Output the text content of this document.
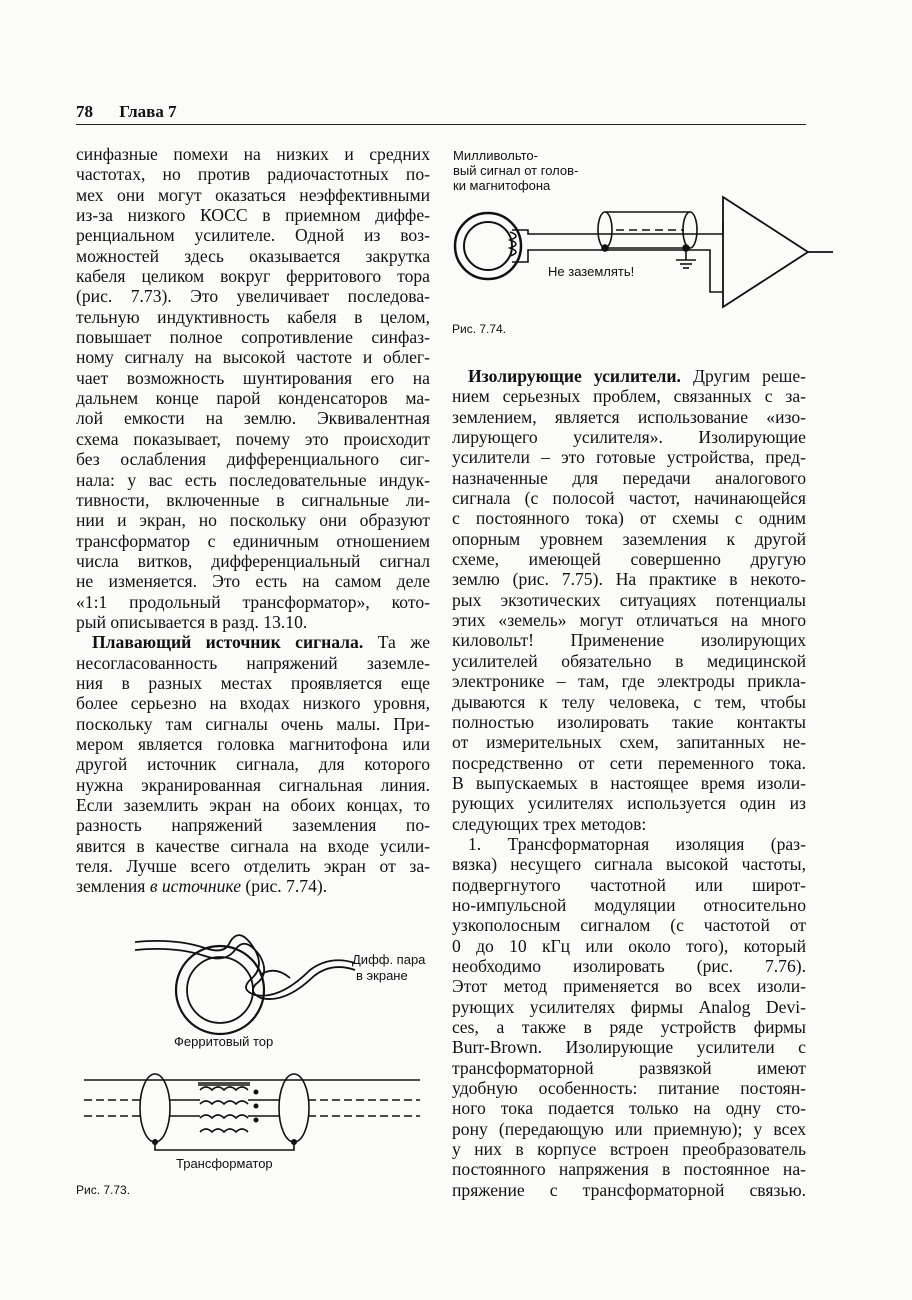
78 Глава 7

синфазные помехи на низких и средних
частотах, но против радиочастотных по-
мех они могут оказаться неэффективными
из-за низкого КОСС в приемном диффе-
ренциальном усилителе. Одной из воз-
можностей здесь оказывается закрутка
кабеля целиком вокруг ферритового тора
(рис. 7.73). Это увеличивает последова-
тельную индуктивность кабеля в целом,
повышает полное сопротивление синфаз-
ному сигналу на высокой частоте и облег-
чает возможность шунтирования его на
дальнем конце парой конденсаторов ма-
лой емкости на землю. Эквивалентная
схема показывает, почему это происходит
без ослабления дифференциального сиг-
нала: у вас есть последовательные индук-
тивности, включенные в сигнальные ли-
нии и экран, но поскольку они образуют
трансформатор с единичным отношением
числа витков, дифференциальный сигнал
не изменяется. Это есть на самом деле
«1:1 продольный трансформатор», кото-
рый описывается в разд. 13.10.

Плавающий источник сигнала. Та же
несогласованность напряжений заземле-
ния в разных местах проявляется еще
более серьезно на входах низкого уровня,
поскольку там сигналы очень малы. При-
мером является головка магнитофона или
другой источник сигнала, для которого
нужна экранированная сигнальная линия.
Если заземлить экран на обоих концах, то
разность напряжений заземления по-
явится в качестве сигнала на входе усили-
теля. Лучше всего отделить экран от за-

земления в источнике (рис. 7.74).

Изолирующие усилители. Другим реше-
нием серьезных проблем, связанных с за-
землением, является использование «изо-
лирующего усилителя». Изолирующие
усилители – это готовые устройства, пред-
назначенные для передачи аналогового
сигнала (с полосой частот, начинающейся
с постоянного тока) от схемы с одним
опорным уровнем заземления к другой
схеме, имеющей совершенно другую
землю (рис. 7.75). На практике в некото-
рых экзотических ситуациях потенциалы
этих «земель» могут отличаться на много
киловольт! Применение изолирующих
усилителей обязательно в медицинской
электронике – там, где электроды прикла-
дываются к телу человека, с тем, чтобы
полностью изолировать такие контакты
от измерительных схем, запитанных не-
посредственно от сети переменного тока.
В выпускаемых в настоящее время изоли-
рующих усилителях используется один из
следующих трех методов:

1. Трансформаторная изоляция (раз-
вязка) несущего сигнала высокой частоты,
подвергнутого частотной или широт-
но-импульсной модуляции относительно
узкополосным сигналом (с частотой от
0 до 10 кГц или около того), который
необходимо изолировать (рис. 7.76).
Этот метод применяется во всех изоли-
рующих усилителях фирмы Analog Devi-
ces, а также в ряде устройств фирмы
Burr-Brown. Изолирующие усилители с
трансформаторной развязкой имеют
удобную особенность: питание постоян-
ного тока подается только на одну сто-
рону (передающую или приемную); у всех
у них в корпусе встроен преобразователь
постоянного напряжения в постоянное на-
пряжение с трансформаторной связью.

Милливольто-
вый сигнал от голов-
ки магнитофона
Не заземлять!
Рис. 7.74.
Дифф. пара
в экране
Ферритовый тор
Трансформатор
Рис. 7.73.
